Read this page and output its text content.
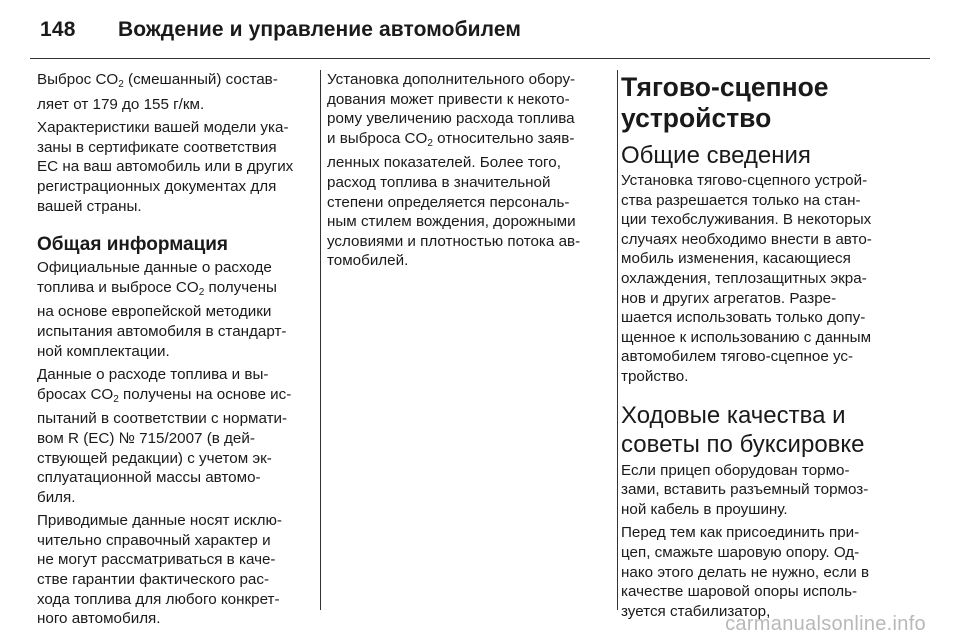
148 Вождение и управление автомобилем

Выброс $CO_2$ (смешанный) состав-
ляет от 179 до 155 г/км.

Характеристики вашей модели ука-
заны в сертификате соответствия
ЕС на ваш автомобиль или в других
регистрационных документах для
вашей страны.

Общая информация

Официальные данные о расходе
топлива и выбросе $CO_2$ получены
на основе европейской методики
испытания автомобиля в стандарт-
ной комплектации.

Данные о расходе топлива и вы-
бросах $CO_2$ получены на основе ис-
пытаний в соответствии с нормати-
вом R (EC) № 715/2007 (в дей-
ствующей редакции) с учетом эк-
сплуатационной массы автомо-
биля.

Приводимые данные носят исклю-
чительно справочный характер и
не могут рассматриваться в каче-
стве гарантии фактического рас-
хода топлива для любого конкрет-
ного автомобиля.

Установка дополнительного обору-
дования может привести к некото-
рому увеличению расхода топлива
и выброса $CO_2$ относительно заяв-
ленных показателей. Более того,
расход топлива в значительной
степени определяется персональ-
ным стилем вождения, дорожными
условиями и плотностью потока ав-
томобилей.

Тягово-сцепное
устройство
Общие сведения

Установка тягово-сцепного устрой-
ства разрешается только на стан-
ции техобслуживания. В некоторых
случаях необходимо внести в авто-
мобиль изменения, касающиеся
охлаждения, теплозащитных экра-
нов и других агрегатов. Разре-
шается использовать только допу-
щенное к использованию с данным
автомобилем тягово-сцепное ус-
тройство.

Ходовые качества и
советы по буксировке

Если прицеп оборудован тормо-
зами, вставить разъемный тормоз-
ной кабель в проушину.

Перед тем как присоединить при-
цеп, смажьте шаровую опору. Од-
нако этого делать не нужно, если в
качестве шаровой опоры исполь-
зуется стабилизатор,

carmanualsonline.info
